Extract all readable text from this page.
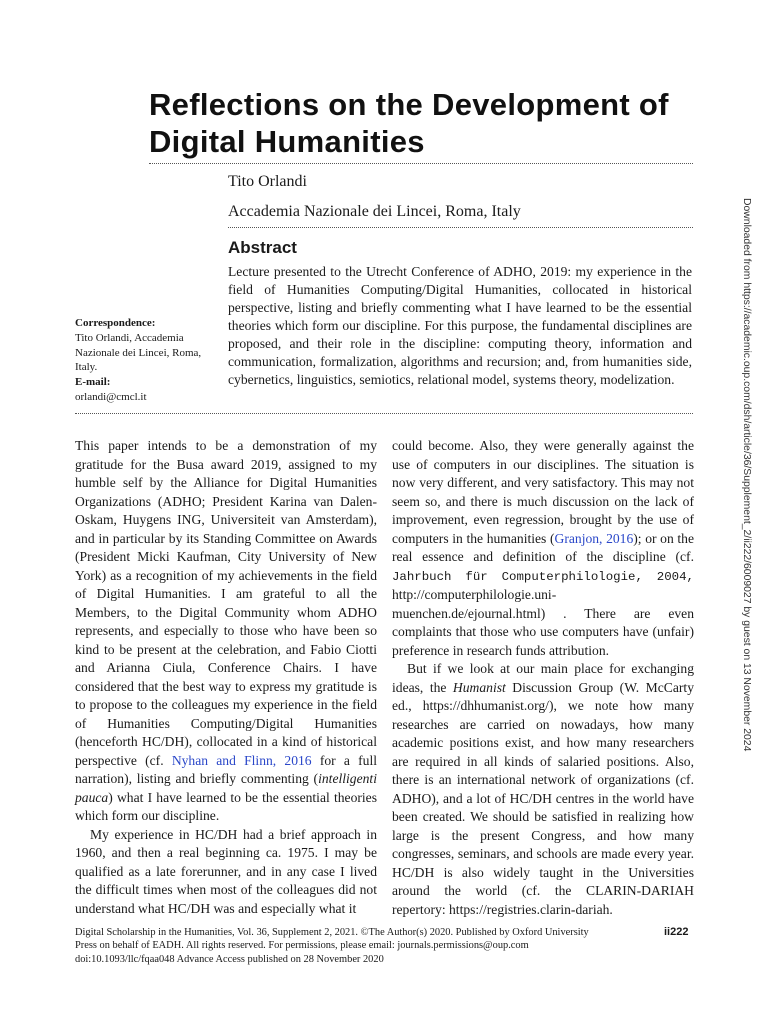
Reflections on the Development of Digital Humanities
Tito Orlandi
Accademia Nazionale dei Lincei, Roma, Italy
Abstract
Lecture presented to the Utrecht Conference of ADHO, 2019: my experience in the field of Humanities Computing/Digital Humanities, collocated in historical perspective, listing and briefly commenting what I have learned to be the essential theories which form our discipline. For this purpose, the fundamental disciplines are proposed, and their role in the discipline: computing theory, information and communication, formalization, algorithms and recursion; and, from humanities side, cybernetics, linguistics, semiotics, relational model, systems theory, modelization.
Correspondence:
Tito Orlandi, Accademia Nazionale dei Lincei, Roma, Italy.
E-mail:
orlandi@cmcl.it

This paper intends to be a demonstration of my gratitude for the Busa award 2019, assigned to my humble self by the Alliance for Digital Humanities Organizations (ADHO; President Karina van Dalen-Oskam, Huygens ING, Universiteit van Amsterdam), and in particular by its Standing Committee on Awards (President Micki Kaufman, City University of New York) as a recognition of my achievements in the field of Digital Humanities. I am grateful to all the Members, to the Digital Community whom ADHO represents, and especially to those who have been so kind to be present at the celebration, and Fabio Ciotti and Arianna Ciula, Conference Chairs. I have considered that the best way to express my gratitude is to propose to the colleagues my experience in the field of Humanities Computing/Digital Humanities (henceforth HC/DH), collocated in a kind of historical perspective (cf. Nyhan and Flinn, 2016 for a full narration), listing and briefly commenting (intelligenti pauca) what I have learned to be the essential theories which form our discipline.

My experience in HC/DH had a brief approach in 1960, and then a real beginning ca. 1975. I may be qualified as a late forerunner, and in any case I lived the difficult times when most of the colleagues did not understand what HC/DH was and especially what it

could become. Also, they were generally against the use of computers in our disciplines. The situation is now very different, and very satisfactory. This may not seem so, and there is much discussion on the lack of improvement, even regression, brought by the use of computers in the humanities (Granjon, 2016); or on the real essence and definition of the discipline (cf. Jahrbuch für Computerphilologie, 2004, http://computerphilologie.uni-muenchen.de/ejournal.html) . There are even complaints that those who use computers have (unfair) preference in research funds attribution.

But if we look at our main place for exchanging ideas, the Humanist Discussion Group (W. McCarty ed., https://dhhumanist.org/), we note how many researches are carried on nowadays, how many academic positions exist, and how many researchers are required in all kinds of salaried positions. Also, there is an international network of organizations (cf. ADHO), and a lot of HC/DH centres in the world have been created. We should be satisfied in realizing how large is the present Congress, and how many congresses, seminars, and schools are made every year. HC/DH is also widely taught in the Universities around the world (cf. the CLARIN-DARIAH repertory: https://registries.clarin-dariah.

Digital Scholarship in the Humanities, Vol. 36, Supplement 2, 2021. ©The Author(s) 2020. Published by Oxford University
Press on behalf of EADH. All rights reserved. For permissions, please email: journals.permissions@oup.com
doi:10.1093/llc/fqaa048 Advance Access published on 28 November 2020
ii222
Downloaded from https://academic.oup.com/dsh/article/36/Supplement_2/ii222/6009027 by guest on 13 November 2024
